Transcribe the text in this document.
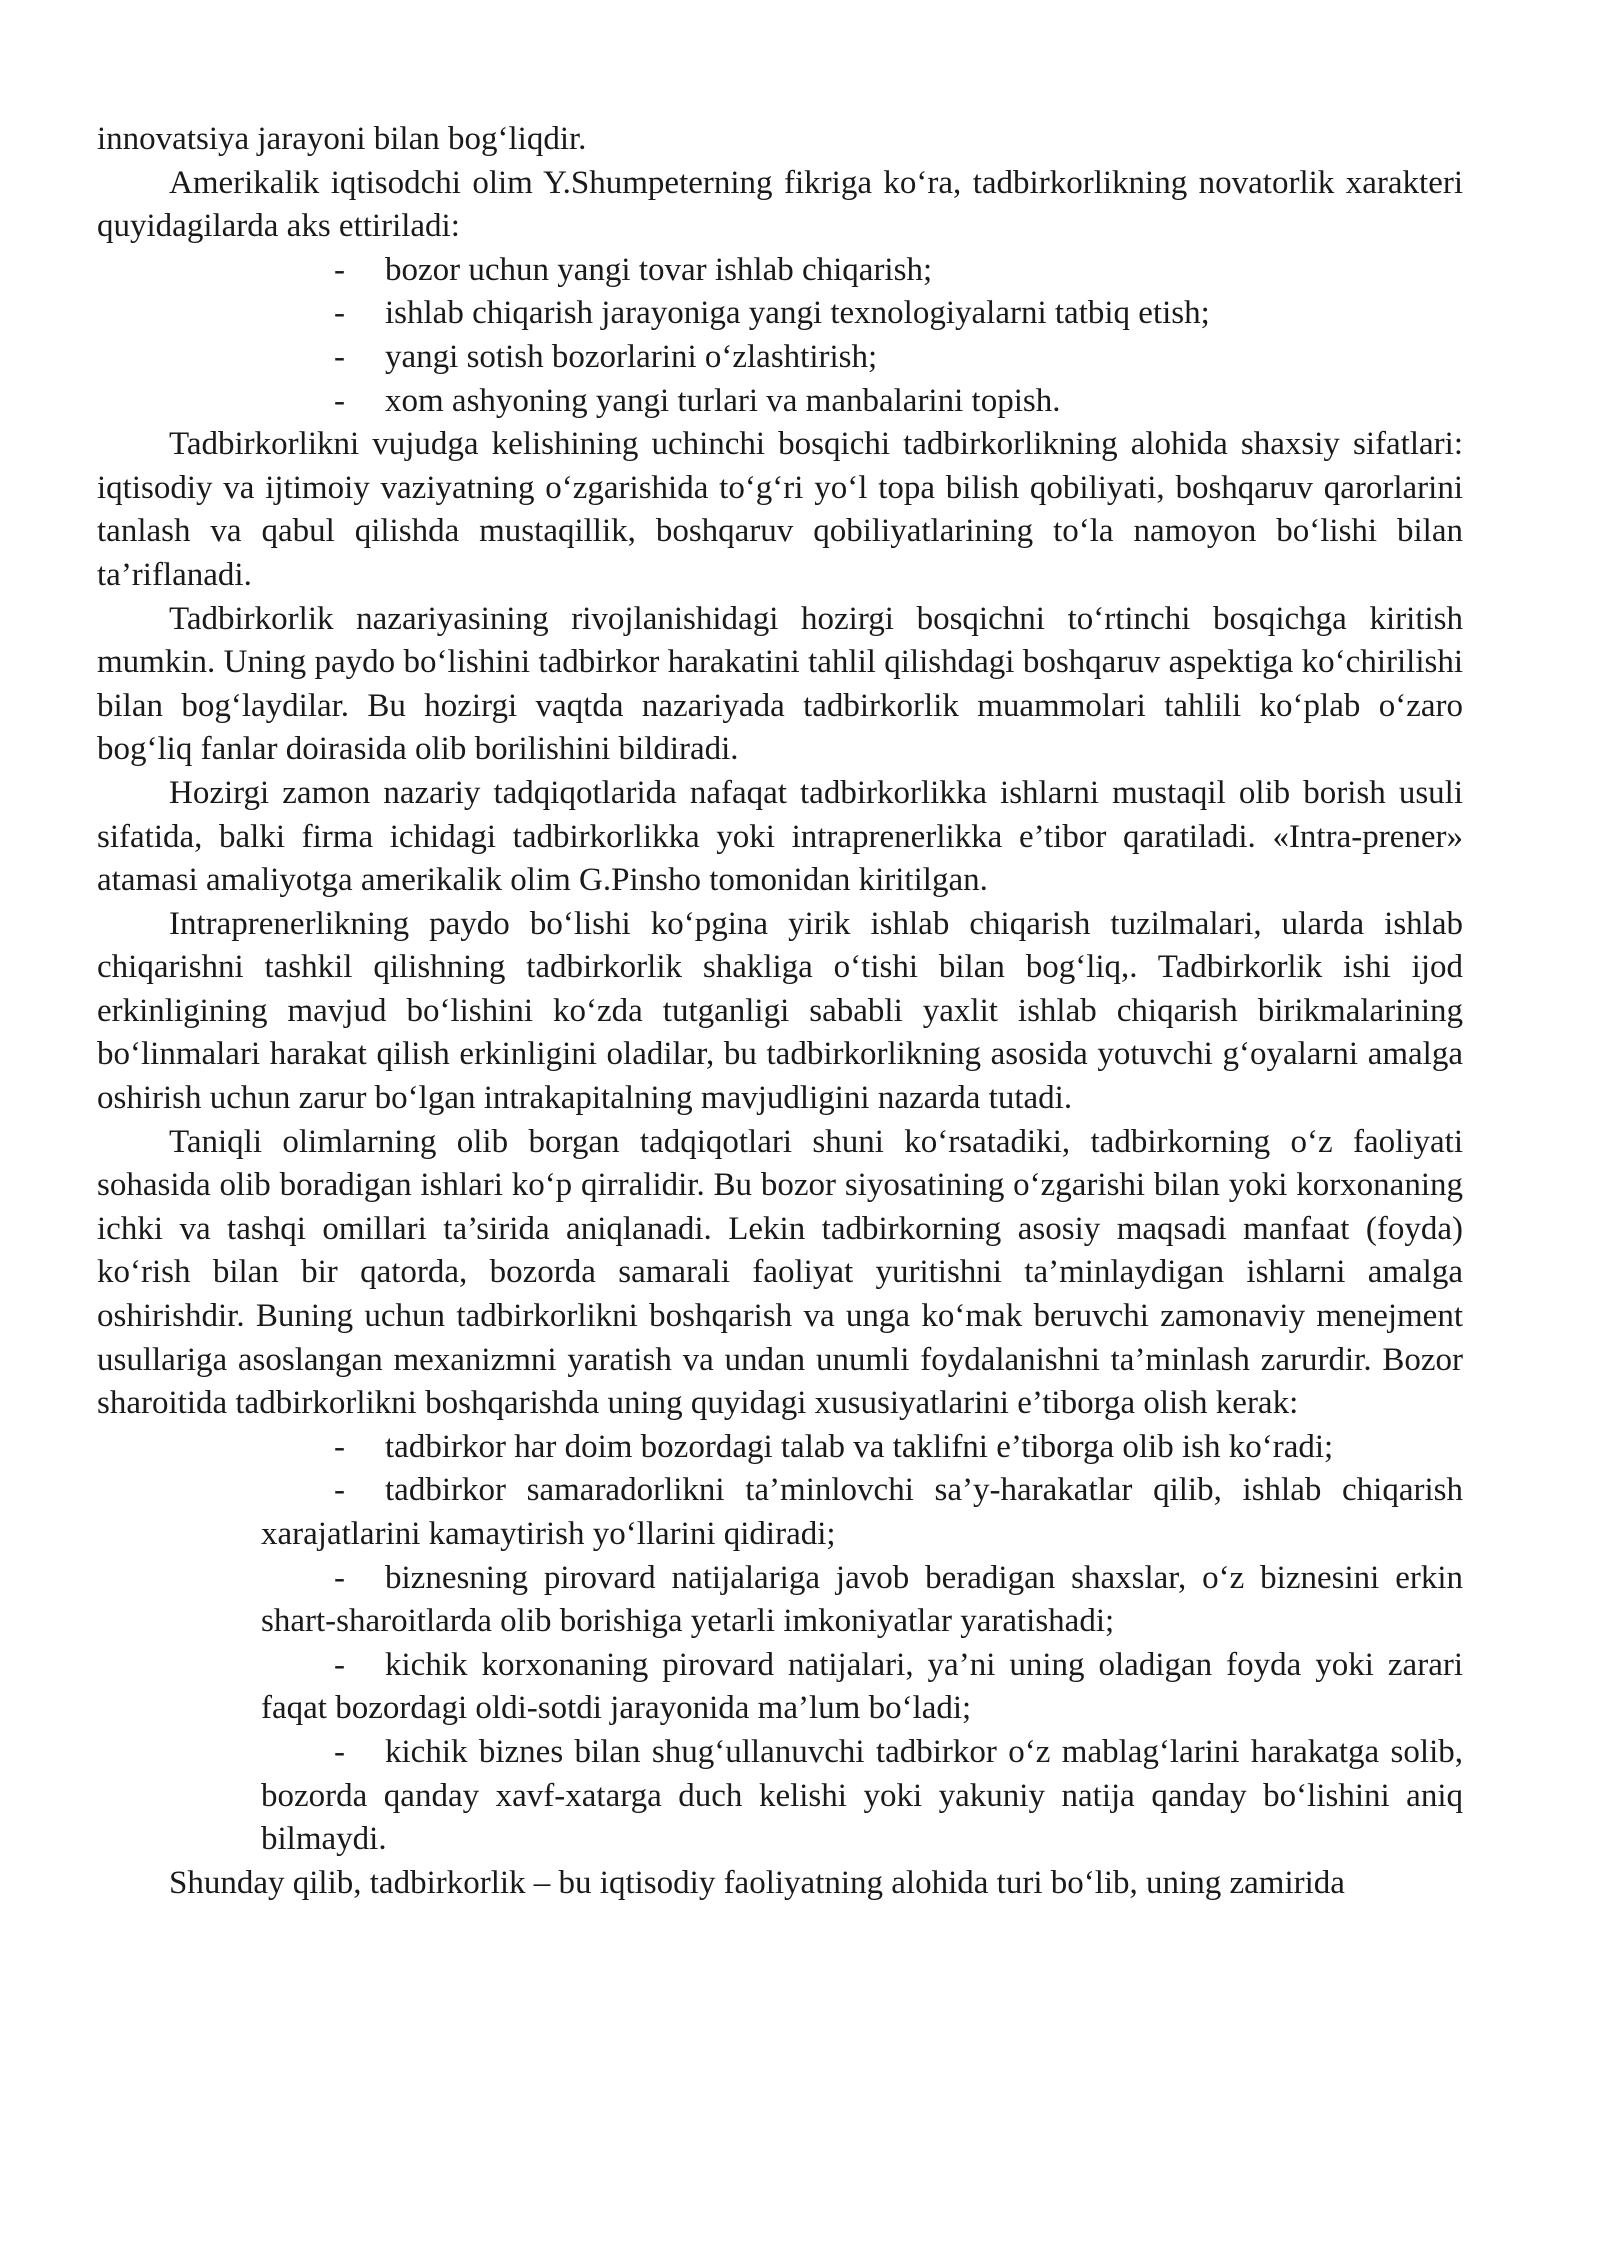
innovatsiya jarayoni bilan bog‘liqdir.

Amerikalik iqtisodchi olim Y.Shumpeterning fikriga ko‘ra, tadbirkorlikning novatorlik xarakteri quyidagilarda aks ettiriladi:

- bozor uchun yangi tovar ishlab chiqarish;

- ishlab chiqarish jarayoniga yangi texnologiyalarni tatbiq etish;

- yangi sotish bozorlarini o‘zlashtirish;

- xom ashyoning yangi turlari va manbalarini topish.

Tadbirkorlikni vujudga kelishining uchinchi bosqichi tadbirkorlikning alohida shaxsiy sifatlari: iqtisodiy va ijtimoiy vaziyatning o‘zgarishida to‘g‘ri yo‘l topa bilish qobiliyati, boshqaruv qarorlarini tanlash va qabul qilishda mustaqillik, boshqaruv qobiliyatlarining to‘la namoyon bo‘lishi bilan ta’riflanadi.

Tadbirkorlik nazariyasining rivojlanishidagi hozirgi bosqichni to‘rtinchi bosqichga kiritish mumkin. Uning paydo bo‘lishini tadbirkor harakatini tahlil qilishdagi boshqaruv aspektiga ko‘chirilishi bilan bog‘laydilar. Bu hozirgi vaqtda nazariyada tadbirkorlik muammolari tahlili ko‘plab o‘zaro bog‘liq fanlar doirasida olib borilishini bildiradi.

Hozirgi zamon nazariy tadqiqotlarida nafaqat tadbirkorlikka ishlarni mustaqil olib borish usuli sifatida, balki firma ichidagi tadbirkorlikka yoki intraprenerlikka e’tibor qaratiladi. «Intra-prener» atamasi amaliyotga amerikalik olim G.Pinsho tomonidan kiritilgan.

Intraprenerlikning paydo bo‘lishi ko‘pgina yirik ishlab chiqarish tuzilmalari, ularda ishlab chiqarishni tashkil qilishning tadbirkorlik shakliga o‘tishi bilan bog‘liq,. Tadbirkorlik ishi ijod erkinligining mavjud bo‘lishini ko‘zda tutganligi sababli yaxlit ishlab chiqarish birikmalarining bo‘linmalari harakat qilish erkinligini oladilar, bu tadbirkorlikning asosida yotuvchi g‘oyalarni amalga oshirish uchun zarur bo‘lgan intrakapitalning mavjudligini nazarda tutadi.

Taniqli olimlarning olib borgan tadqiqotlari shuni ko‘rsatadiki, tadbirkorning o‘z faoliyati sohasida olib boradigan ishlari ko‘p qirralidir. Bu bozor siyosatining o‘zgarishi bilan yoki korxonaning ichki va tashqi omillari ta’sirida aniqlanadi. Lekin tadbirkorning asosiy maqsadi manfaat (foyda) ko‘rish bilan bir qatorda, bozorda samarali faoliyat yuritishni ta’minlaydigan ishlarni amalga oshirishdir. Buning uchun tadbirkorlikni boshqarish va unga ko‘mak beruvchi zamonaviy menejment usullariga asoslangan mexanizmni yaratish va undan unumli foydalanishni ta’minlash zarurdir. Bozor sharoitida tadbirkorlikni boshqarishda uning quyidagi xususiyatlarini e’tiborga olish kerak:

- tadbirkor har doim bozordagi talab va taklifni e’tiborga olib ish ko‘radi;

- tadbirkor samaradorlikni ta’minlovchi sa’y-harakatlar qilib, ishlab chiqarish xarajatlarini kamaytirish yo‘llarini qidiradi;

- biznesning pirovard natijalariga javob beradigan shaxslar, o‘z biznesini erkin shart-sharoitlarda olib borishiga yetarli imkoniyatlar yaratishadi;

- kichik korxonaning pirovard natijalari, ya’ni uning oladigan foyda yoki zarari faqat bozordagi oldi-sotdi jarayonida ma’lum bo‘ladi;

- kichik biznes bilan shug‘ullanuvchi tadbirkor o‘z mablag‘larini harakatga solib, bozorda qanday xavf-xatarga duch kelishi yoki yakuniy natija qanday bo‘lishini aniq bilmaydi.

Shunday qilib, tadbirkorlik – bu iqtisodiy faoliyatning alohida turi bo‘lib, uning zamirida
